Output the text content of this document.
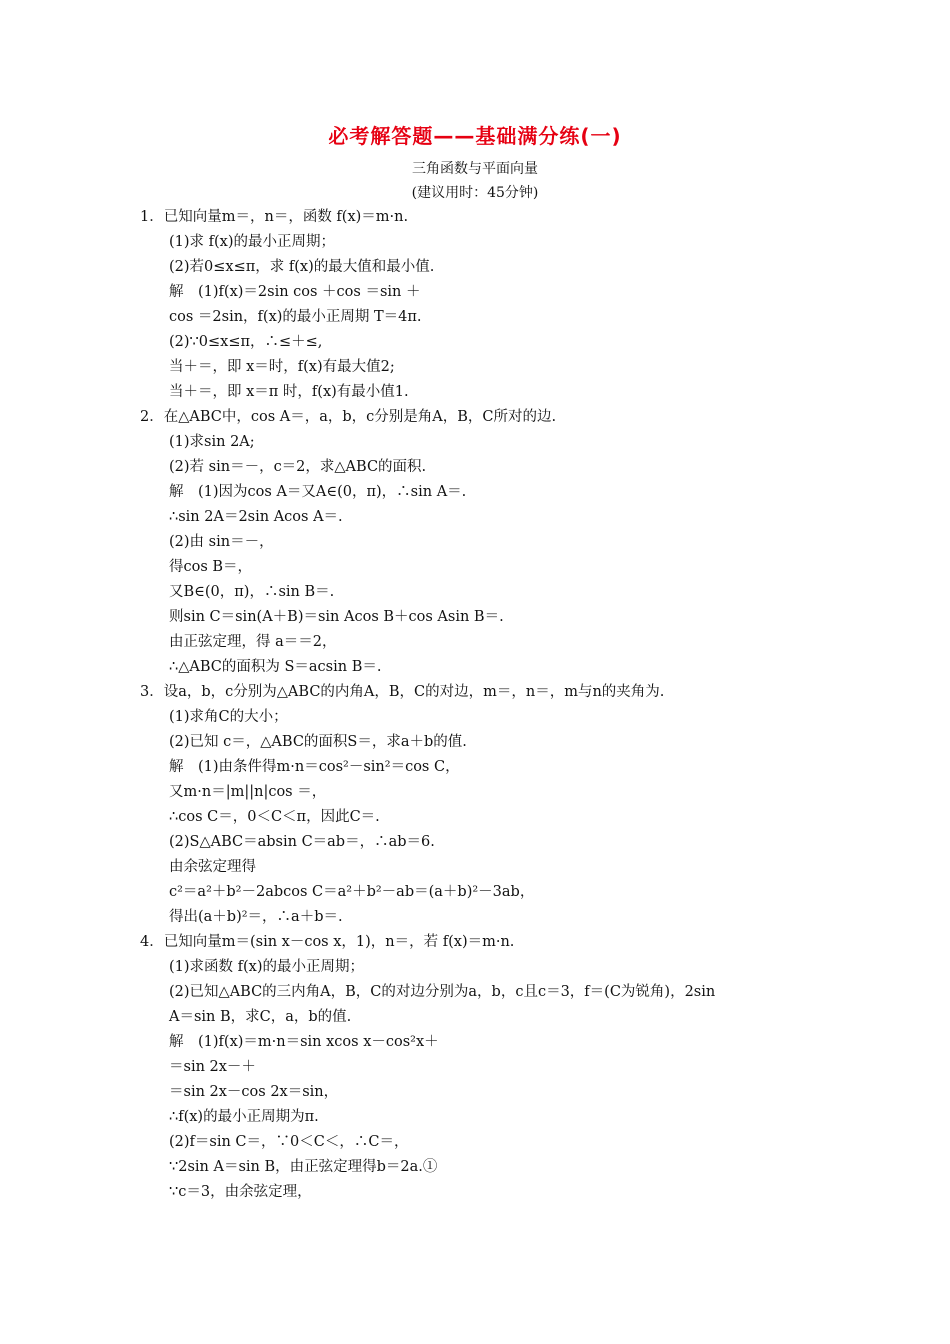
必考解答题——基础满分练(一)
三角函数与平面向量
(建议用时：45分钟)
1．已知向量m＝，n＝，函数 f(x)＝m·n.
(1)求 f(x)的最小正周期；
(2)若0≤x≤π，求 f(x)的最大值和最小值.
解　(1)f(x)＝2sin cos ＋cos ＝sin ＋
cos ＝2sin，f(x)的最小正周期 T＝4π.
(2)∵0≤x≤π，∴≤＋≤,
当＋＝，即 x＝时，f(x)有最大值2;
当＋＝，即 x＝π 时，f(x)有最小值1.
2．在△ABC中，cos A＝，a，b，c分别是角A，B，C所对的边.
(1)求sin 2A;
(2)若 sin＝－，c＝2，求△ABC的面积.
解　(1)因为cos A＝又A∈(0，π)，∴sin A＝.
∴sin 2A＝2sin Acos A＝.
(2)由 sin＝－，
得cos B＝，
又B∈(0，π)，∴sin B＝.
则sin C＝sin(A＋B)＝sin Acos B＋cos Asin B＝.
由正弦定理，得 a＝＝2，
∴△ABC的面积为 S＝acsin B＝.
3．设a，b，c分别为△ABC的内角A，B，C的对边，m＝，n＝，m与n的夹角为.
(1)求角C的大小；
(2)已知 c＝，△ABC的面积S＝，求a＋b的值.
解　(1)由条件得m·n＝cos²－sin²＝cos C，
又m·n＝|m||n|cos ＝，
∴cos C＝，0＜C＜π，因此C＝.
(2)S△ABC＝absin C＝ab＝，∴ab＝6.
由余弦定理得
c²＝a²＋b²－2abcos C＝a²＋b²－ab＝(a＋b)²－3ab，
得出(a＋b)²＝，∴a＋b＝.
4．已知向量m＝(sin x－cos x，1)，n＝，若 f(x)＝m·n.
(1)求函数 f(x)的最小正周期；
(2)已知△ABC的三内角A，B，C的对边分别为a，b，c且c＝3，f＝(C为锐角)，2sin
A＝sin B，求C，a，b的值.
解　(1)f(x)＝m·n＝sin xcos x－cos²x＋
＝sin 2x－＋
＝sin 2x－cos 2x＝sin，
∴f(x)的最小正周期为π.
(2)f＝sin C＝，∵0＜C＜，∴C＝，
∵2sin A＝sin B，由正弦定理得b＝2a.①
∵c＝3，由余弦定理，
